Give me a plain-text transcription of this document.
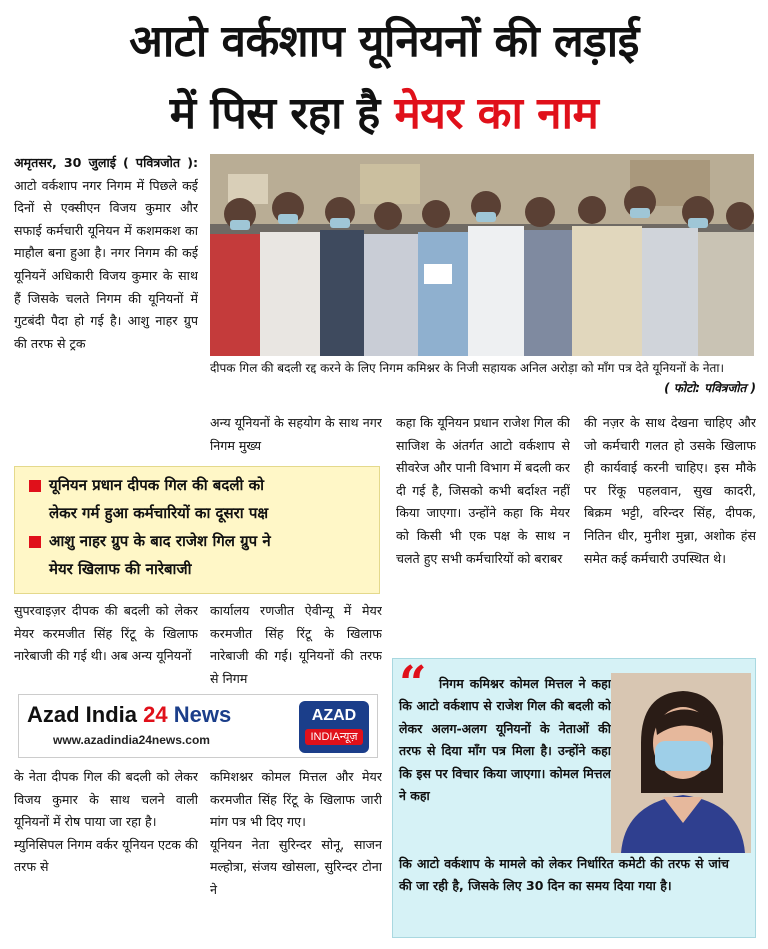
आटो वर्कशाप यूनियनों की लड़ाई
में पिस रहा है मेयर का नाम

अमृतसर, 30 जुलाई ( पवित्रजोत ): आटो वर्कशाप नगर निगम में पिछले कई दिनों से एक्सीएन विजय कुमार और सफाई कर्मचारी यूनियन में कशमकश का माहौल बना हुआ है। नगर निगम की कई यूनियनें अधिकारी विजय कुमार के साथ हैं जिसके चलते निगम की यूनियनों में गुटबंदी पैदा हो गई है। आशु नाहर ग्रुप की तरफ से ट्रक

दीपक गिल की बदली रद्द करने के लिए निगम कमिश्नर के निजी सहायक अनिल अरोड़ा को माँग पत्र देते यूनियनों के नेता।
( फोटो: पवित्रजोत )

अन्य यूनियनों के सहयोग के साथ नगर निगम मुख्य

कहा कि यूनियन प्रधान राजेश गिल की साजिश के अंतर्गत आटो वर्कशाप से सीवरेज और पानी विभाग में बदली कर दी गई है, जिसको कभी बर्दाश्त नहीं किया जाएगा। उन्होंने कहा कि मेयर को किसी भी एक पक्ष के साथ न चलते हुए सभी कर्मचारियों को बराबर

की नज़र के साथ देखना चाहिए और जो कर्मचारी गलत हो उसके खिलाफ ही कार्यवाई करनी चाहिए। इस मौके पर रिंकू पहलवान, सुख कादरी, बिक्रम भट्टी, वरिन्दर सिंह, दीपक, नितिन धीर, मुनीश मुन्ना, अशोक हंस समेत कई कर्मचारी उपस्थित थे।

यूनियन प्रधान दीपक गिल की बदली को
लेकर गर्म हुआ कर्मचारियों का दूसरा पक्ष
आशु नाहर ग्रुप के बाद राजेश गिल ग्रुप ने
मेयर खिलाफ की नारेबाजी

सुपरवाइज़र दीपक की बदली को लेकर मेयर करमजीत सिंह रिंटू के खिलाफ नारेबाजी की गई थी। अब अन्य यूनियनों

कार्यालय रणजीत ऐवीन्यू में मेयर करमजीत सिंह रिंटू के खिलाफ नारेबाजी की गई। यूनियनों की तरफ से निगम

Azad India 24 News
www.azadindia24news.com
AZAD
INDIAन्यूज़

के नेता दीपक गिल की बदली को लेकर विजय कुमार के साथ चलने वाली यूनियनों में रोष पाया जा रहा है।

म्युनिसिपल निगम वर्कर यूनियन एटक की तरफ से

कमिशश्नर कोमल मित्तल और मेयर करमजीत सिंह रिंटू के खिलाफ जारी मांग पत्र भी दिए गए।

यूनियन नेता सुरिन्दर सोनू, साजन मल्होत्रा, संजय खोसला, सुरिन्दर टोना ने

“ निगम कमिश्नर कोमल मित्तल ने कहा कि आटो वर्कशाप से राजेश गिल की बदली को लेकर अलग-अलग यूनियनों के नेताओं की तरफ से दिया माँग पत्र मिला है। उन्होंने कहा कि इस पर विचार किया जाएगा। कोमल मित्तल ने कहा
कि आटो वर्कशाप के मामले को लेकर निर्धारित कमेटी की तरफ से जांच की जा रही है, जिसके लिए 30 दिन का समय दिया गया है।
